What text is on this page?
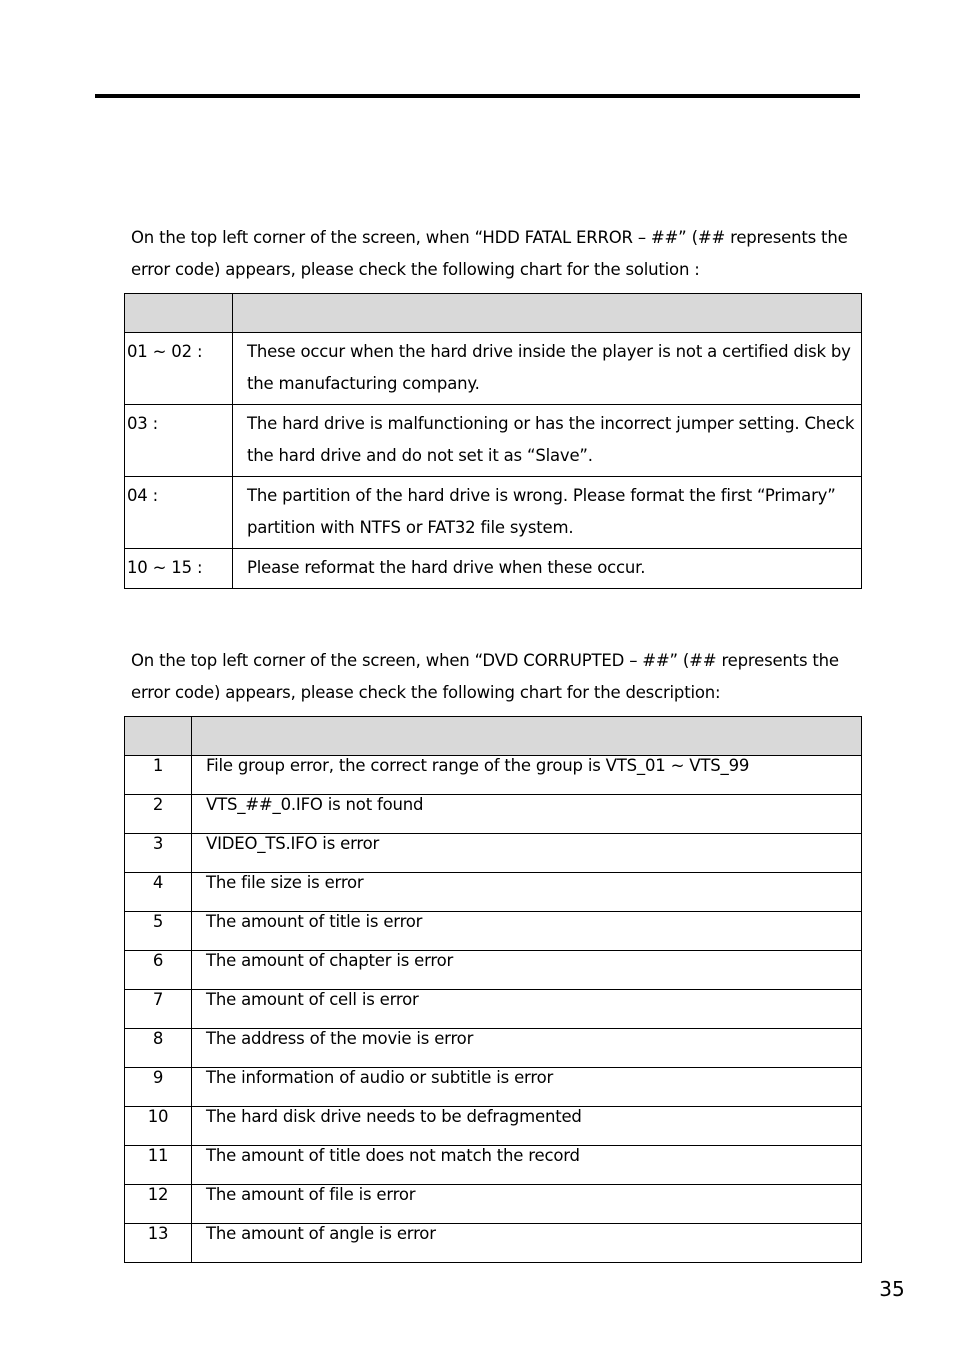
On the top left corner of the screen, when “HDD FATAL ERROR – ##” (## represents the error code) appears, please check the following chart for the solution :

01 ~ 02 :	These occur when the hard drive inside the player is not a certified disk by the manufacturing company.
03 :	The hard drive is malfunctioning or has the incorrect jumper setting. Check the hard drive and do not set it as “Slave”.
04 :	The partition of the hard drive is wrong. Please format the first “Primary” partition with NTFS or FAT32 file system.
10 ~ 15 :	Please reformat the hard drive when these occur.

On the top left corner of the screen, when “DVD CORRUPTED – ##” (## represents the error code) appears, please check the following chart for the description:

1	File group error, the correct range of the group is VTS_01 ~ VTS_99
2	VTS_##_0.IFO is not found
3	VIDEO_TS.IFO is error
4	The file size is error
5	The amount of title is error
6	The amount of chapter is error
7	The amount of cell is error
8	The address of the movie is error
9	The information of audio or subtitle is error
10	The hard disk drive needs to be defragmented
11	The amount of title does not match the record
12	The amount of file is error
13	The amount of angle is error
35
